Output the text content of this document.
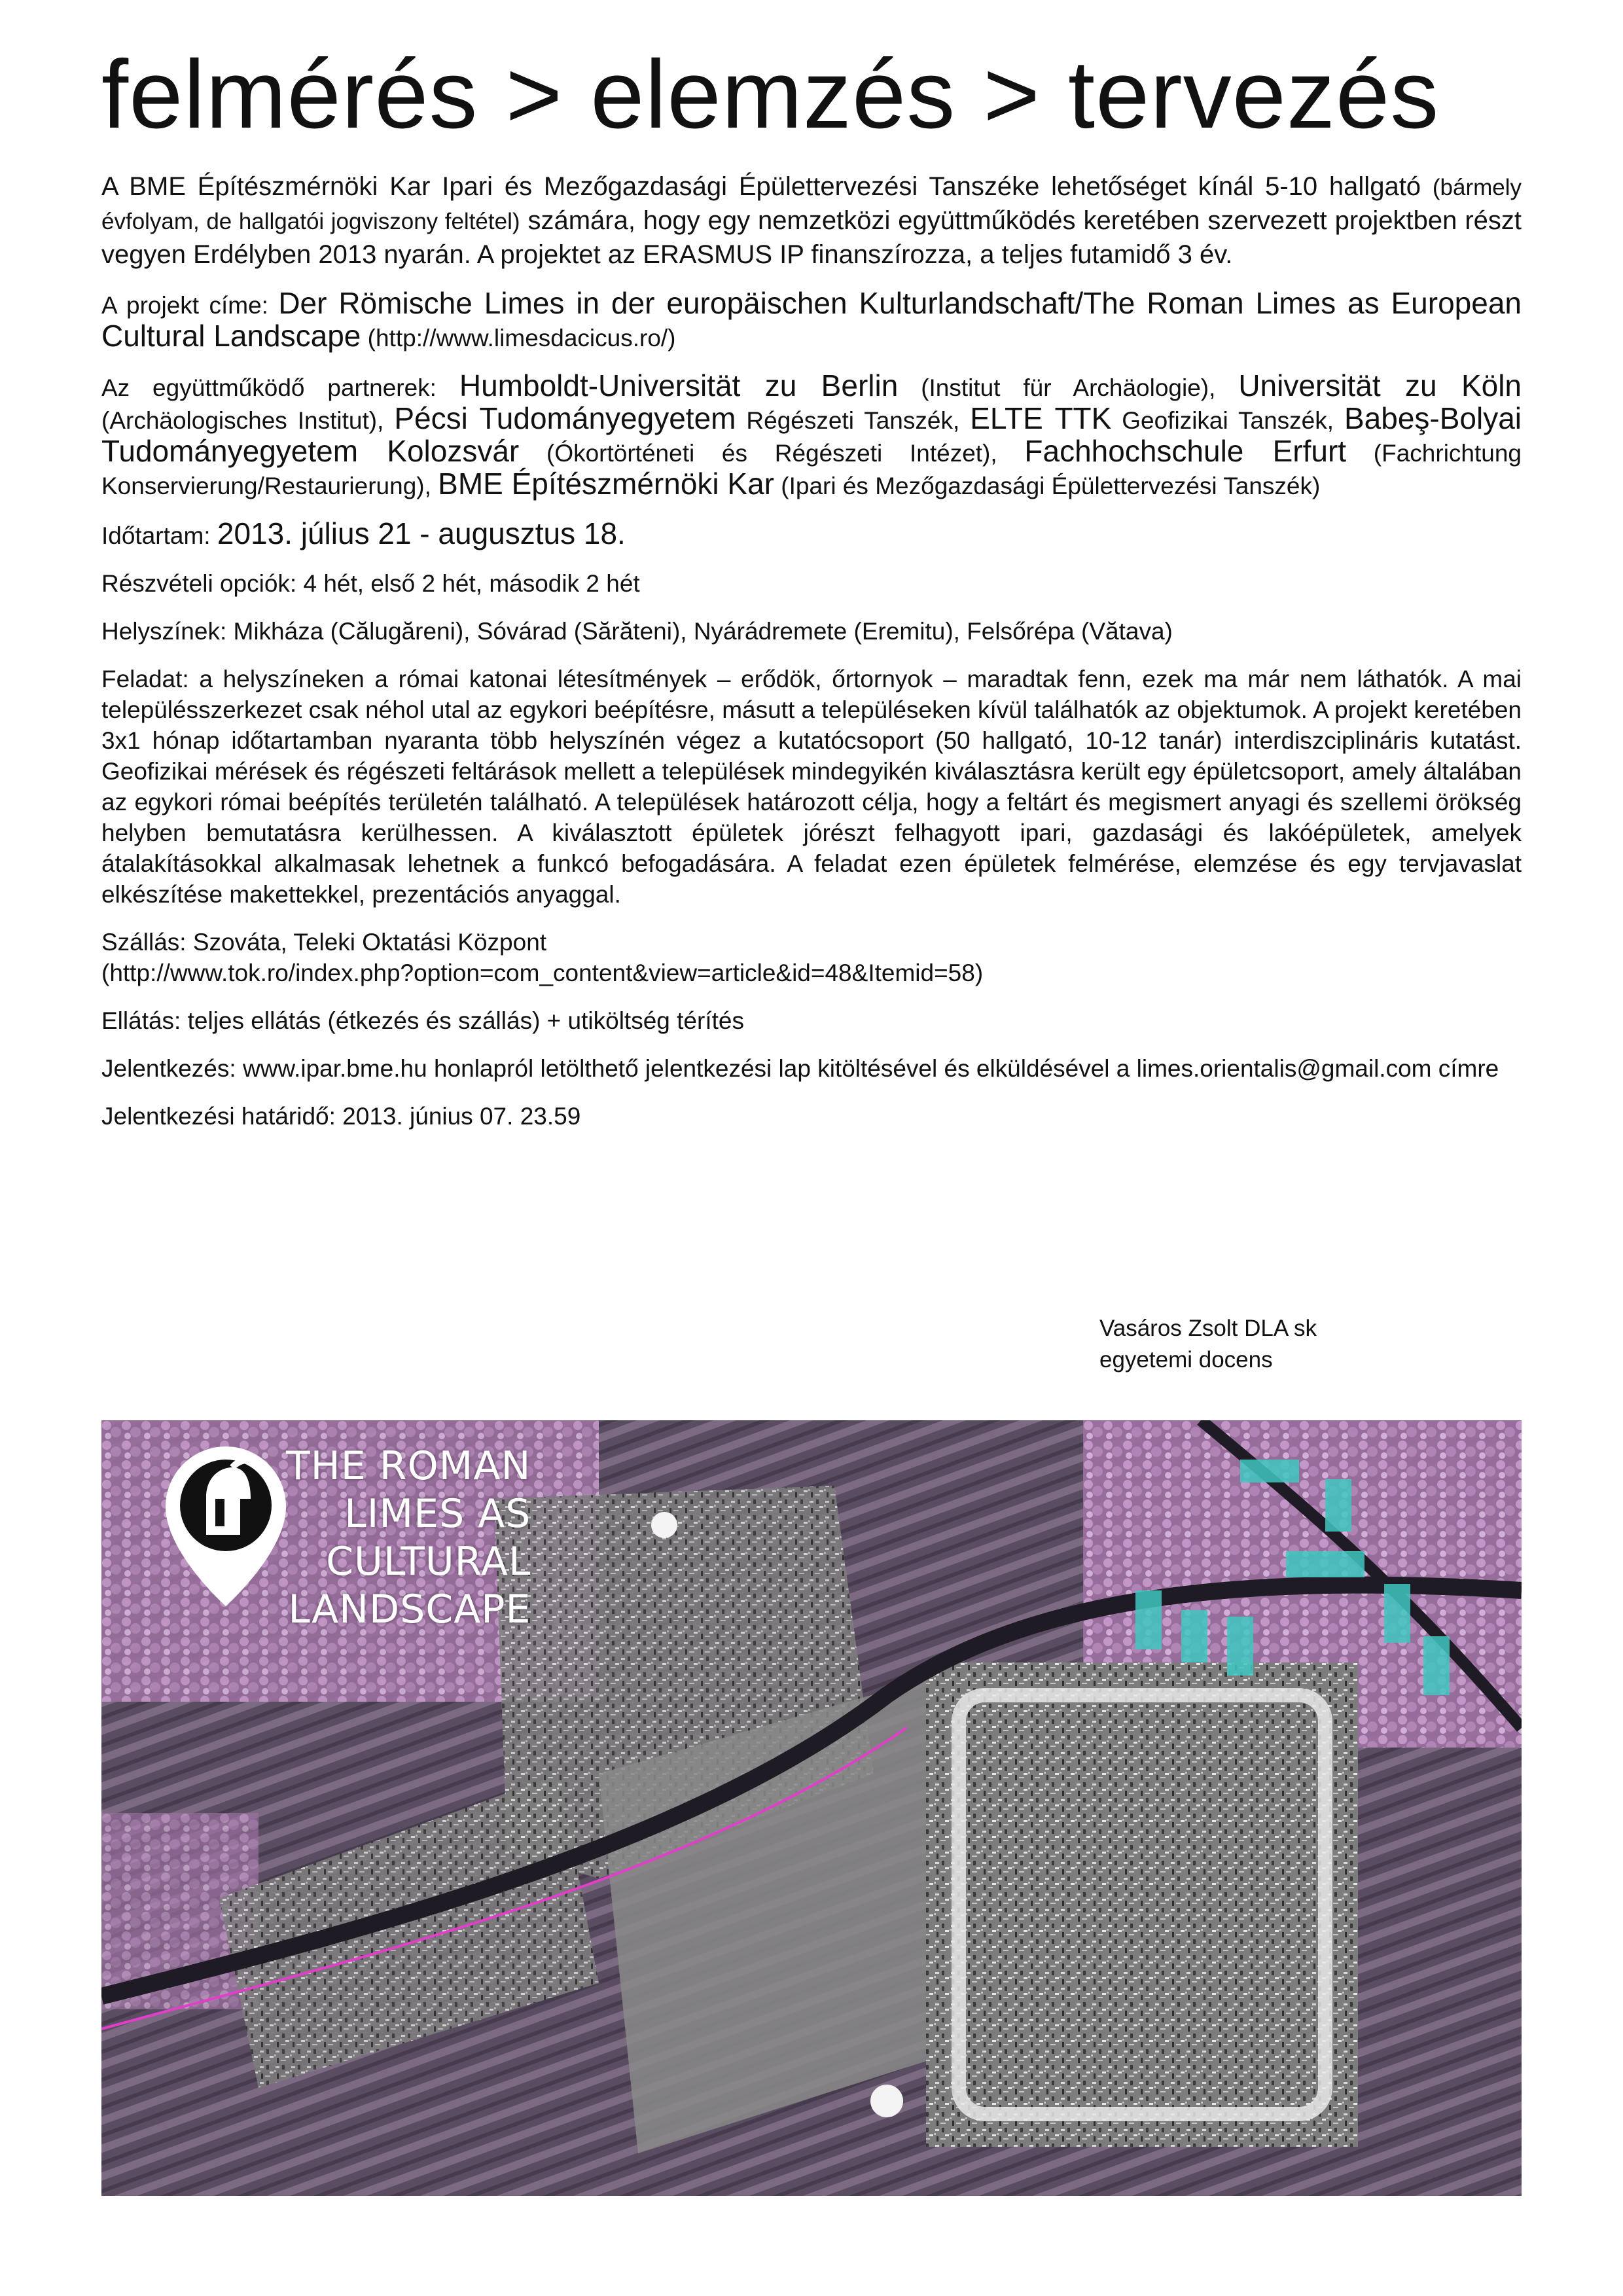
felmérés > elemzés > tervezés

A BME Építészmérnöki Kar Ipari és Mezőgazdasági Épülettervezési Tanszéke lehetőséget kínál 5-10 hallgató (bármely évfolyam, de hallgatói jogviszony feltétel) számára, hogy egy nemzetközi együttműködés keretében szervezett projektben részt vegyen Erdélyben 2013 nyarán. A projektet az ERASMUS IP finanszírozza, a teljes futamidő 3 év.

A projekt címe: Der Römische Limes in der europäischen Kulturlandschaft/The Roman Limes as European Cultural Landscape (http://www.limesdacicus.ro/)

Az együttműködő partnerek: Humboldt-Universität zu Berlin (Institut für Archäologie), Universität zu Köln (Archäologisches Institut), Pécsi Tudományegyetem Régészeti Tanszék, ELTE TTK Geofizikai Tanszék, Babeş-Bolyai Tudományegyetem Kolozsvár (Ókortörténeti és Régészeti Intézet), Fachhochschule Erfurt (Fachrichtung Konservierung/Restaurierung), BME Építészmérnöki Kar (Ipari és Mezőgazdasági Épülettervezési Tanszék)

Időtartam: 2013. július 21 - augusztus 18.

Részvételi opciók: 4 hét, első 2 hét, második 2 hét

Helyszínek: Mikháza (Călugăreni), Sóvárad (Sărăteni), Nyárádremete (Eremitu), Felsőrépa (Vătava)

Feladat: a helyszíneken a római katonai létesítmények – erődök, őrtornyok – maradtak fenn, ezek ma már nem láthatók. A mai településszerkezet csak néhol utal az egykori beépítésre, másutt a településeken kívül találhatók az objektumok. A projekt keretében 3x1 hónap időtartamban nyaranta több helyszínén végez a kutatócsoport (50 hallgató, 10-12 tanár) interdiszciplináris kutatást. Geofizikai mérések és régészeti feltárások mellett a települések mindegyikén kiválasztásra került egy épületcsoport, amely általában az egykori római beépítés területén található. A települések határozott célja, hogy a feltárt és megismert anyagi és szellemi örökség helyben bemutatásra kerülhessen. A kiválasztott épületek jórészt felhagyott ipari, gazdasági és lakóépületek, amelyek átalakításokkal alkalmasak lehetnek a funkcó befogadására. A feladat ezen épületek felmérése, elemzése és egy tervjavaslat elkészítése makettekkel, prezentációs anyaggal.

Szállás: Szováta, Teleki Oktatási Központ
(http://www.tok.ro/index.php?option=com_content&view=article&id=48&Itemid=58)

Ellátás: teljes ellátás (étkezés és szállás) + utiköltség térítés

Jelentkezés: www.ipar.bme.hu honlapról letölthető jelentkezési lap kitöltésével és elküldésével a limes.orientalis@gmail.com címre

Jelentkezési határidő: 2013. június 07. 23.59

Vasáros Zsolt DLA sk
egyetemi docens
THE ROMAN
LIMES AS
CULTURAL
LANDSCAPE
